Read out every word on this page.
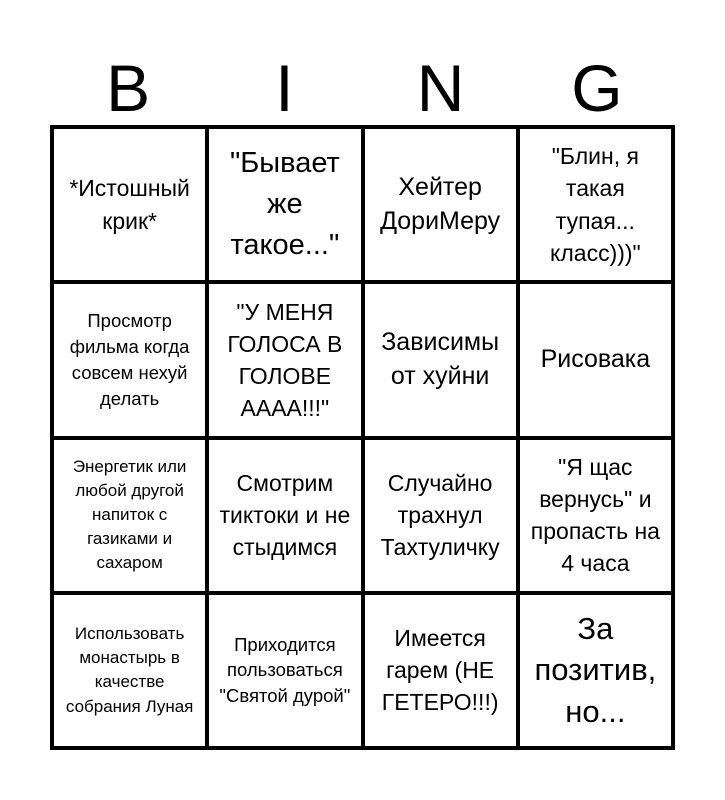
B	I	N	G
*Истошный крик*
"Бывает же такое..."
Хейтер ДориМеру
"Блин, я такая тупая... класс)))"
Просмотр фильма когда совсем нехуй делать
"У МЕНЯ ГОЛОСА В ГОЛОВЕ АААА!!!"
Зависимы от хуйни
Рисовака
Энергетик или любой другой напиток с газиками и сахаром
Смотрим тиктоки и не стыдимся
Случайно трахнул Тахтуличку
"Я щас вернусь" и пропасть на 4 часа
Использовать монастырь в качестве собрания Луная
Приходится пользоваться "Святой дурой"
Имеется гарем (НЕ ГЕТЕРО!!!)
За позитив, но...
